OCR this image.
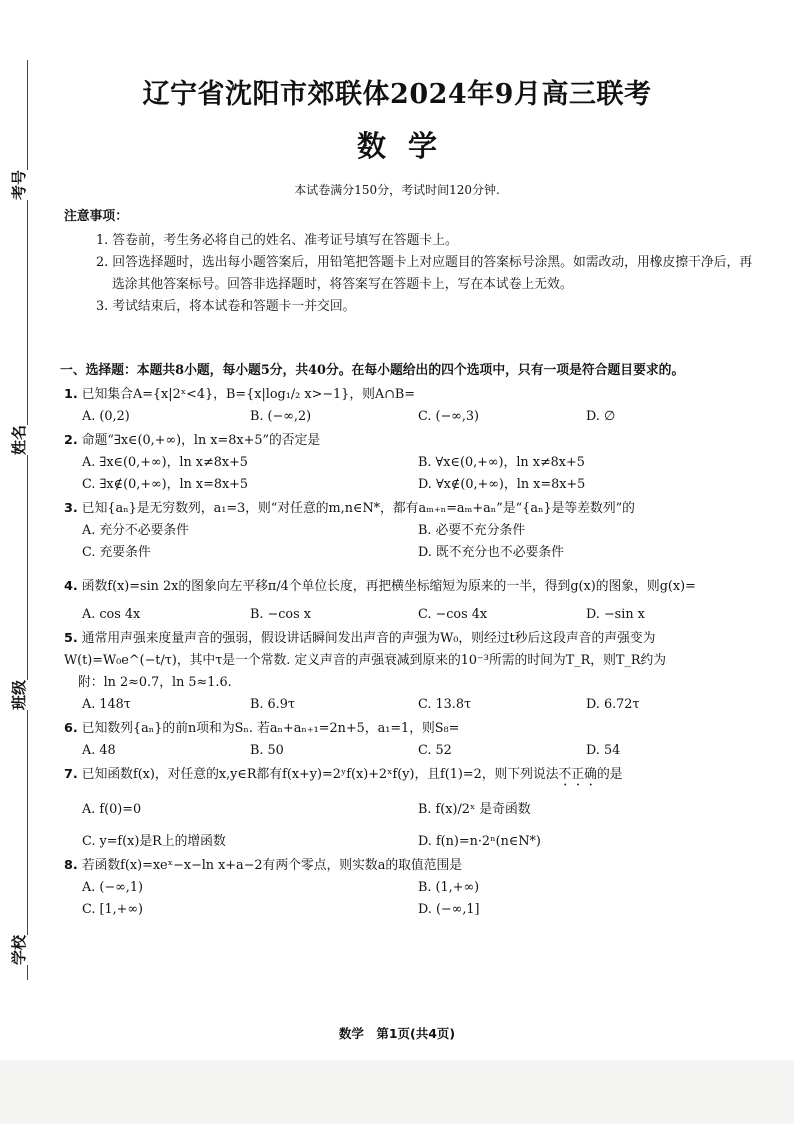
考号
姓名
班级
学校
辽宁省沈阳市郊联体2024年9月高三联考
数学
本试卷满分150分，考试时间120分钟.
注意事项：
1. 答卷前，考生务必将自己的姓名、准考证号填写在答题卡上。
2. 回答选择题时，选出每小题答案后，用铅笔把答题卡上对应题目的答案标号涂黑。如需改动，用橡皮擦干净后，再选涂其他答案标号。回答非选择题时，将答案写在答题卡上，写在本试卷上无效。
3. 考试结束后，将本试卷和答题卡一并交回。
一、选择题：本题共8小题，每小题5分，共40分。在每小题给出的四个选项中，只有一项是符合题目要求的。
1. 已知集合A={x|2ˣ<4}，B={x|log₁/₂ x>−1}，则A∩B=
A. (0,2)	B. (−∞,2)	C. (−∞,3)	D. ∅
2. 命题“∃x∈(0,+∞)，ln x=8x+5”的否定是
A. ∃x∈(0,+∞)，ln x≠8x+5	B. ∀x∈(0,+∞)，ln x≠8x+5
C. ∃x∉(0,+∞)，ln x=8x+5	D. ∀x∉(0,+∞)，ln x=8x+5
3. 已知{aₙ}是无穷数列，a₁=3，则“对任意的m,n∈N*，都有aₘ₊ₙ=aₘ+aₙ”是“{aₙ}是等差数列”的
A. 充分不必要条件	B. 必要不充分条件
C. 充要条件	D. 既不充分也不必要条件
4. 函数f(x)=sin 2x的图象向左平移π/4个单位长度，再把横坐标缩短为原来的一半，得到g(x)的图象，则g(x)=
A. cos 4x	B. −cos x	C. −cos 4x	D. −sin x
5. 通常用声强来度量声音的强弱，假设讲话瞬间发出声音的声强为W₀，则经过t秒后这段声音的声强变为W(t)=W₀e^(−t/τ)，其中τ是一个常数. 定义声音的声强衰减到原来的10⁻³所需的时间为T_R，则T_R约为
附：ln 2≈0.7，ln 5≈1.6.
A. 148τ	B. 6.9τ	C. 13.8τ	D. 6.72τ
6. 已知数列{aₙ}的前n项和为Sₙ. 若aₙ+aₙ₊₁=2n+5，a₁=1，则S₈=
A. 48	B. 50	C. 52	D. 54
7. 已知函数f(x)，对任意的x,y∈R都有f(x+y)=2ʸf(x)+2ˣf(y)，且f(1)=2，则下列说法不正确的是
A. f(0)=0	B. f(x)/2ˣ 是奇函数
C. y=f(x)是R上的增函数	D. f(n)=n·2ⁿ(n∈N*)
8. 若函数f(x)=xeˣ−x−ln x+a−2有两个零点，则实数a的取值范围是
A. (−∞,1)	B. (1,+∞)
C. [1,+∞)	D. (−∞,1]
数学　第1页(共4页)
